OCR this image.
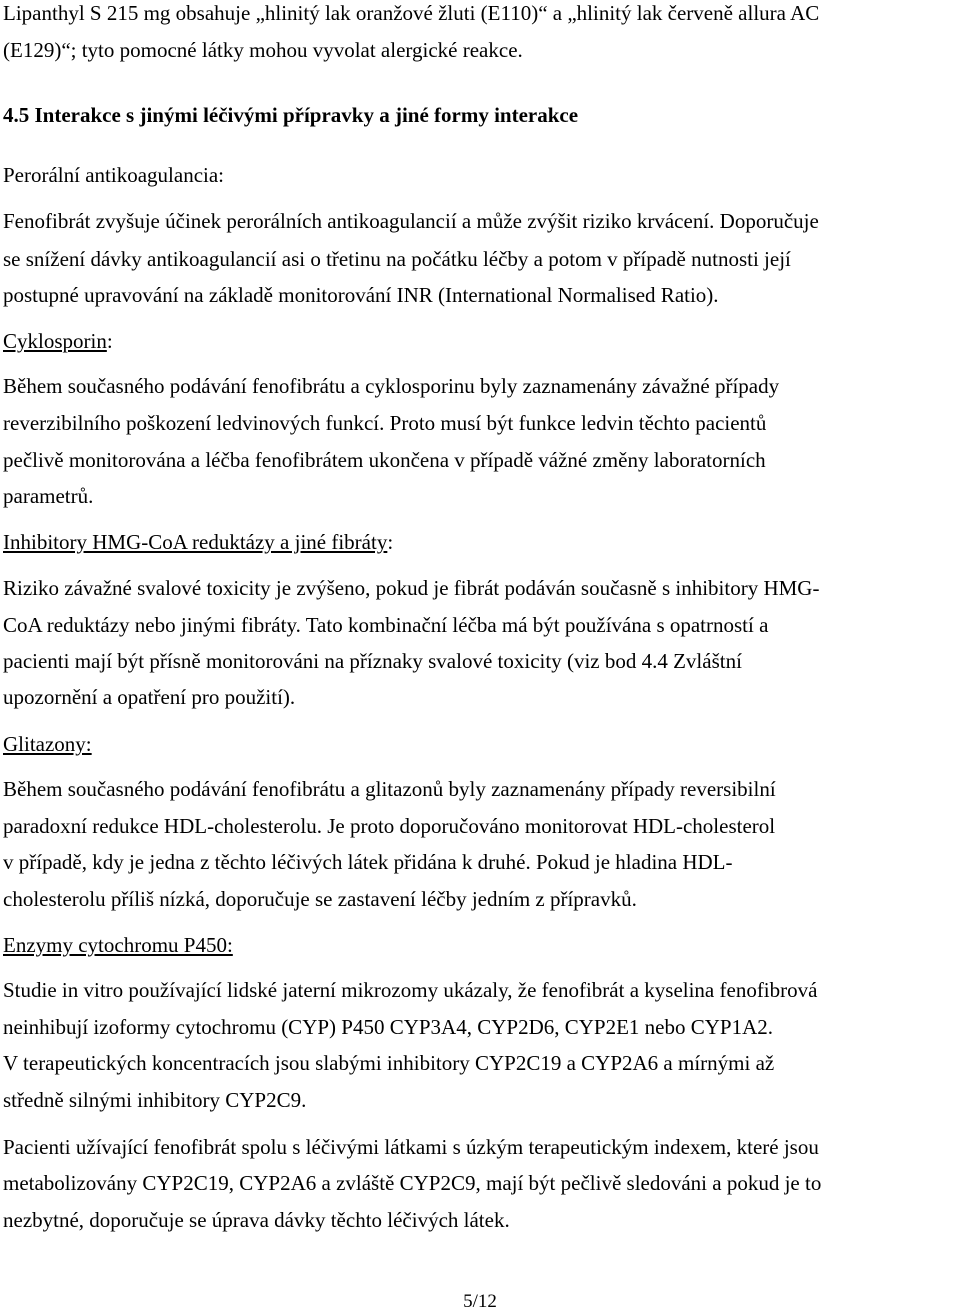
Lipanthyl S 215 mg obsahuje „hlinitý lak oranžové žluti (E110)“ a „hlinitý lak červeně allura AC
(E129)“; tyto pomocné látky mohou vyvolat alergické reakce.
4.5 Interakce s jinými léčivými přípravky a jiné formy interakce
Perorální antikoagulancia:
Fenofibrát zvyšuje účinek perorálních antikoagulancií a může zvýšit riziko krvácení. Doporučuje
se snížení dávky antikoagulancií asi o třetinu na počátku léčby a potom v případě nutnosti její
postupné upravování na základě monitorování INR (International Normalised Ratio).
Cyklosporin:
Během současného podávání fenofibrátu a cyklosporinu byly zaznamenány závažné případy
reverzibilního poškození ledvinových funkcí. Proto musí být funkce ledvin těchto pacientů
pečlivě monitorována a léčba fenofibrátem ukončena v případě vážné změny laboratorních
parametrů.
Inhibitory HMG-CoA reduktázy a jiné fibráty:
Riziko závažné svalové toxicity je zvýšeno, pokud je fibrát podáván současně s inhibitory HMG-
CoA reduktázy nebo jinými fibráty. Tato kombinační léčba má být používána s opatrností a
pacienti mají být přísně monitorováni na příznaky svalové toxicity (viz bod 4.4 Zvláštní
upozornění a opatření pro použití).
Glitazony:
Během současného podávání fenofibrátu a glitazonů byly zaznamenány případy reversibilní
paradoxní redukce HDL-cholesterolu. Je proto doporučováno monitorovat HDL-cholesterol
v případě, kdy je jedna z těchto léčivých látek přidána k druhé. Pokud je hladina HDL-
cholesterolu příliš nízká, doporučuje se zastavení léčby jedním z přípravků.
Enzymy cytochromu P450:
Studie in vitro používající lidské jaterní mikrozomy ukázaly, že fenofibrát a kyselina fenofibrová
neinhibují izoformy cytochromu (CYP) P450 CYP3A4, CYP2D6, CYP2E1 nebo CYP1A2.
V terapeutických koncentracích jsou slabými inhibitory CYP2C19 a CYP2A6 a mírnými až
středně silnými inhibitory CYP2C9.
Pacienti užívající fenofibrát spolu s léčivými látkami s úzkým terapeutickým indexem, které jsou
metabolizovány CYP2C19, CYP2A6 a zvláště CYP2C9, mají být pečlivě sledováni a pokud je to
nezbytné, doporučuje se úprava dávky těchto léčivých látek.
5/12
